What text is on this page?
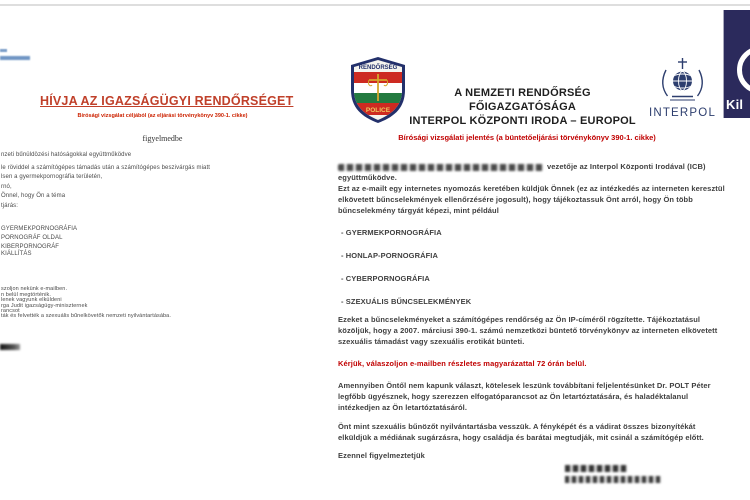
HÍVJA AZ IGAZSÁGÜGYI RENDŐRSÉGET
Bírósági vizsgálat céljából (az eljárási törvénykönyv 390-1. cikke)
figyelmedbe
nzeti bűnüldözési hatóságokkal együttműködve
le röviddel a számítógépes támadás után a számítógépes beszivárgás miatt
lsen a gyermekpornográfia területén,
rnó,
Önnel, hogy Ön a téma
tjárás:
GYERMEKPORNOGRÁFIA
PORNOGRÁF OLDAL
KIBERPORNOGRÁF
KIÁLLÍTÁS
szoljon nekünk e-mailben.
n belül megtörténik.
lenek vagyunk elküldeni
rga Judit igazságügy-miniszternek
rancsot
ták és felvették a szexuális bűnelkövetők nemzeti nyilvántartásába.
RENDŐRSÉG
POLICE
A NEMZETI RENDŐRSÉG FŐIGAZGATÓSÁGA
INTERPOL KÖZPONTI IRODA – EUROPOL
Bírósági vizsgálati jelentés (a büntetőeljárási törvénykönyv 390-1. cikke)
INTERPOL

vezetője az Interpol Központi Irodával (ICB) együttműködve.

Ezt az e-mailt egy internetes nyomozás keretében küldjük Önnek (ez az intézkedés az interneten keresztül elkövetett bűncselekmények ellenőrzésére jogosult), hogy tájékoztassuk Önt arról, hogy Ön több bűncselekmény tárgyát képezi, mint például

- GYERMEKPORNOGRÁFIA

- HONLAP-PORNOGRÁFIA

- CYBERPORNOGRÁFIA

- SZEXUÁLIS BŰNCSELEKMÉNYEK

Ezeket a bűncselekményeket a számítógépes rendőrség az Ön IP-címéről rögzítette. Tájékoztatásul közöljük, hogy a 2007. márciusi 390-1. számú nemzetközi büntető törvénykönyv az interneten elkövetett szexuális támadást vagy szexuális erotikát bünteti.

Kérjük, válaszoljon e-mailben részletes magyarázattal 72 órán belül.

Amennyiben Öntől nem kapunk választ, kötelesek leszünk továbbítani feljelentésünket Dr. POLT Péter legfőbb ügyésznek, hogy szerezzen elfogatóparancsot az Ön letartóztatására, és haladéktalanul intézkedjen az Ön letartóztatásáról.

Önt mint szexuális bűnözőt nyilvántartásba vesszük. A fényképét és a vádirat összes bizonyítékát elküldjük a médiának sugárzásra, hogy családja és barátai megtudják, mit csinál a számítógép előtt.

Ezennel figyelmeztetjük

Kil
